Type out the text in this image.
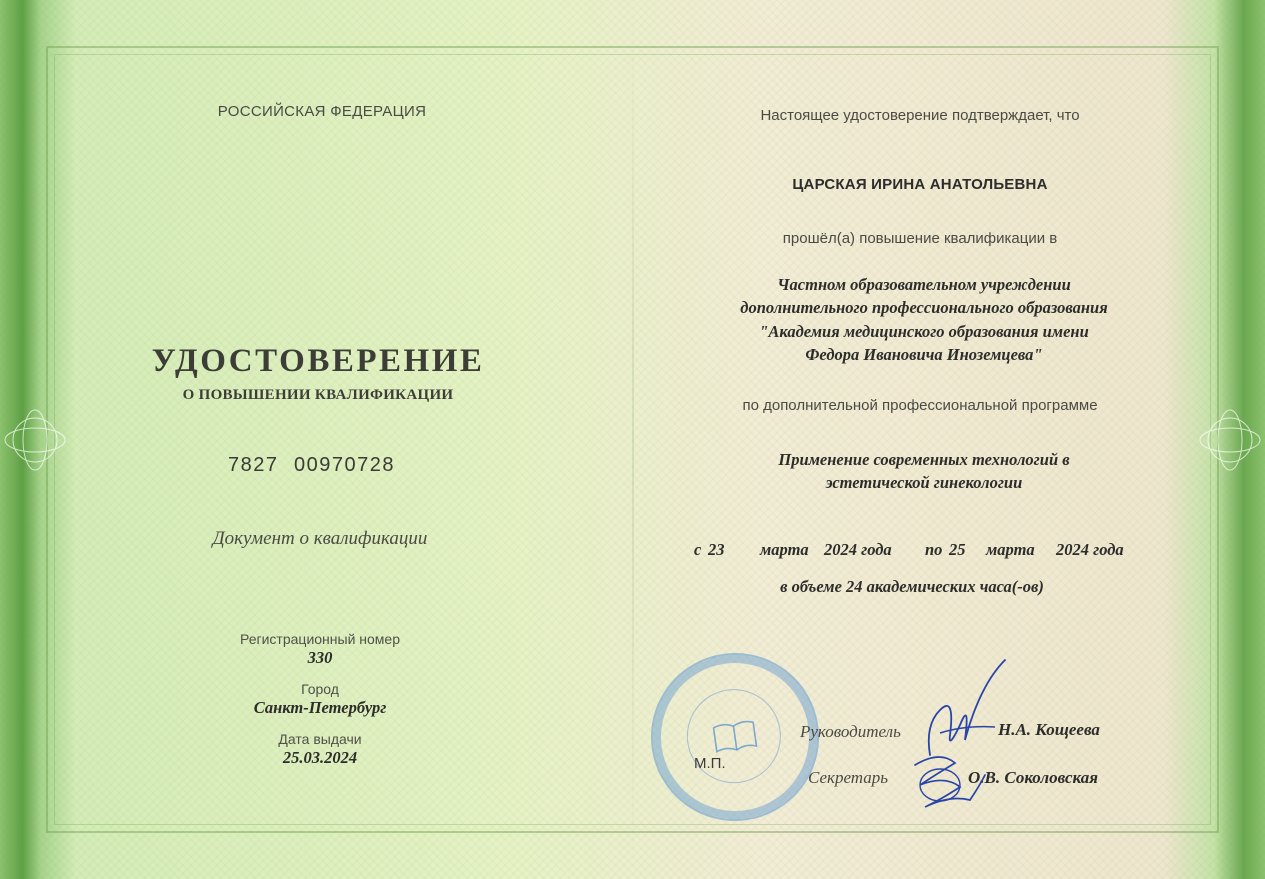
РОССИЙСКАЯ ФЕДЕРАЦИЯ
УДОСТОВЕРЕНИЕ
О ПОВЫШЕНИИ КВАЛИФИКАЦИИ
7827 00970728
Документ о квалификации
Регистрационный номер
330
Город
Санкт-Петербург
Дата выдачи
25.03.2024
Настоящее удостоверение подтверждает, что
ЦАРСКАЯ ИРИНА АНАТОЛЬЕВНА
прошёл(а) повышение квалификации в
Частном образовательном учреждении
дополнительного профессионального образования
"Академия медицинского образования имени
Федора Ивановича Иноземцева"
по дополнительной профессиональной программе
Применение современных технологий в
эстетической гинекологии
с 23 марта 2024 года по 25 марта 2024 года
в объеме 24 академических часа(-ов)
М.П.
Руководитель	Н.А. Кощеева
Секретарь	О.В. Соколовская
